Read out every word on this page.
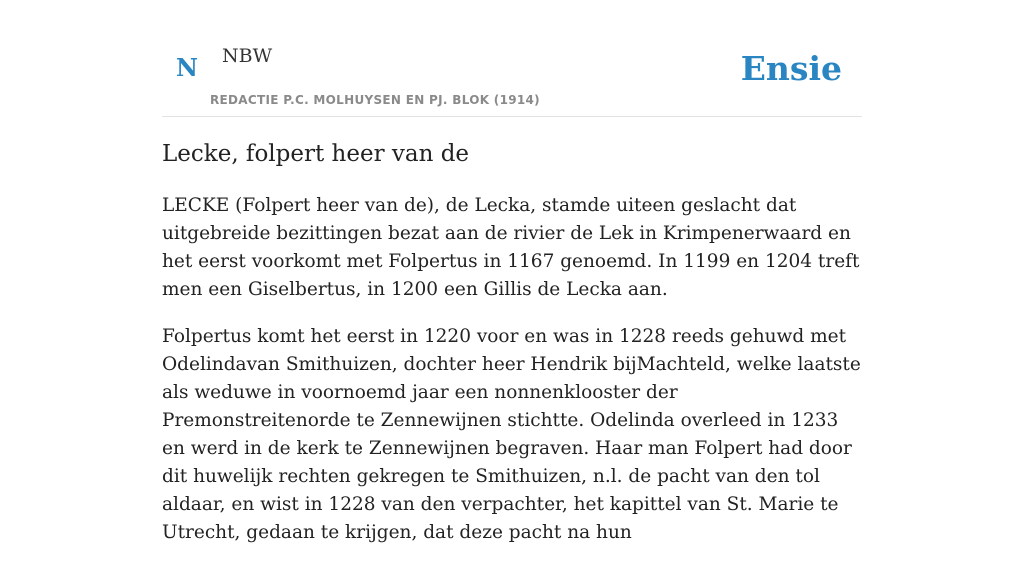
N NBW
REDACTIE P.C. MOLHUYSEN EN PJ. BLOK (1914)
Ensie
Lecke, folpert heer van de

LECKE (Folpert heer van de), de Lecka, stamde uiteen geslacht dat uitgebreide bezittingen bezat aan de rivier de Lek in Krimpenerwaard en het eerst voorkomt met Folpertus in 1167 genoemd. In 1199 en 1204 treft men een Giselbertus, in 1200 een Gillis de Lecka aan.

Folpertus komt het eerst in 1220 voor en was in 1228 reeds gehuwd met Odelindavan Smithuizen, dochter heer Hendrik bijMachteld, welke laatste als weduwe in voornoemd jaar een nonnenklooster der Premonstreitenorde te Zennewijnen stichtte. Odelinda overleed in 1233 en werd in de kerk te Zennewijnen begraven. Haar man Folpert had door dit huwelijk rechten gekregen te Smithuizen, n.l. de pacht van den tol aldaar, en wist in 1228 van den verpachter, het kapittel van St. Marie te Utrecht, gedaan te krijgen, dat deze pacht na hun
